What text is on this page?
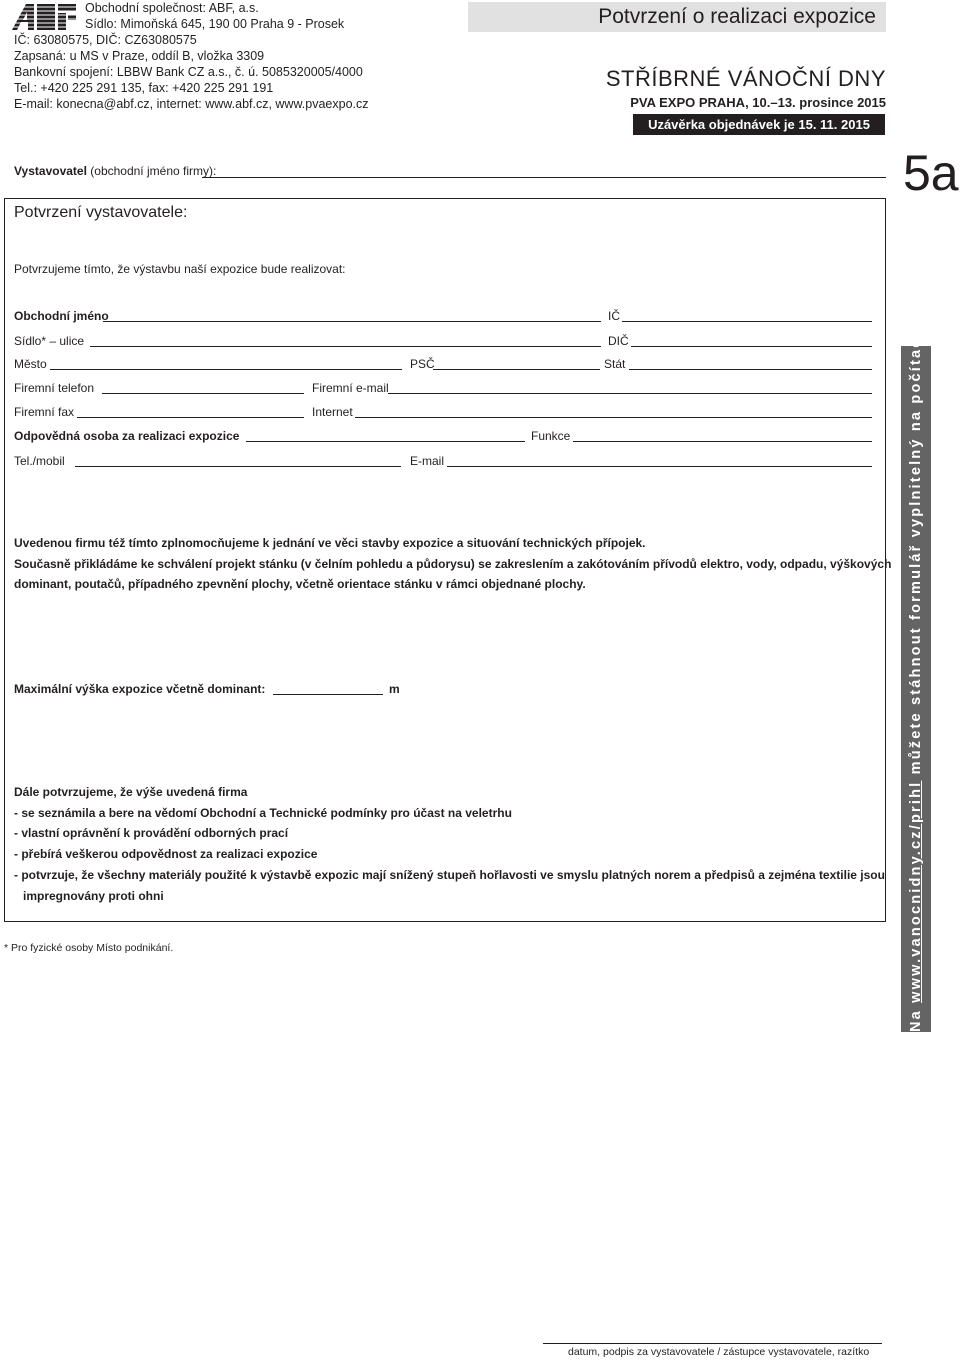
Obchodní společnost: ABF, a.s.
Sídlo: Mimoňská 645, 190 00 Praha 9 - Prosek
IČ: 63080575, DIČ: CZ63080575
Zapsaná: u MS v Praze, oddíl B, vložka 3309
Bankovní spojení: LBBW Bank CZ a.s., č. ú. 5085320005/4000
Tel.: +420 225 291 135, fax: +420 225 291 191
E-mail: konecna@abf.cz, internet: www.abf.cz, www.pvaexpo.cz
Potvrzení o realizaci expozice
STŘÍBRNÉ VÁNOČNÍ DNY
PVA EXPO PRAHA, 10.–13. prosince 2015
Uzávěrka objednávek je 15. 11. 2015
Vystavovatel (obchodní jméno firmy):	5a
Potvrzení vystavovatele:
Potvrzujeme tímto, že výstavbu naší expozice bude realizovat:
Obchodní jméno	IČ
Sídlo* – ulice	DIČ
Město	PSČ	Stát
Firemní telefon	Firemní e-mail
Firemní fax	Internet
Odpovědná osoba za realizaci expozice	Funkce
Tel./mobil	E-mail
Uvedenou firmu též tímto zplnomocňujeme k jednání ve věci stavby expozice a situování technických přípojek.
Současně přikládáme ke schválení projekt stánku (v čelním pohledu a půdorysu) se zakreslením a zakótováním přívodů elektro, vody, odpadu, výškových
dominant, poutačů, případného zpevnění plochy, včetně orientace stánku v rámci objednané plochy.
Maximální výška expozice včetně dominant:	m
Dále potvrzujeme, že výše uvedená firma
- se seznámila a bere na vědomí Obchodní a Technické podmínky pro účast na veletrhu
- vlastní oprávnění k provádění odborných prací
- přebírá veškerou odpovědnost za realizaci expozice
- potvrzuje, že všechny materiály použité k výstavbě expozic mají snížený stupeň hořlavosti ve smyslu platných norem a předpisů a zejména textilie jsou
impregnovány proti ohni
* Pro fyzické osoby Místo podnikání.
Na www.vanocnidny.cz/prihl můžete stáhnout formulář vyplnitelný na počítači
datum, podpis za vystavovatele / zástupce vystavovatele, razítko
